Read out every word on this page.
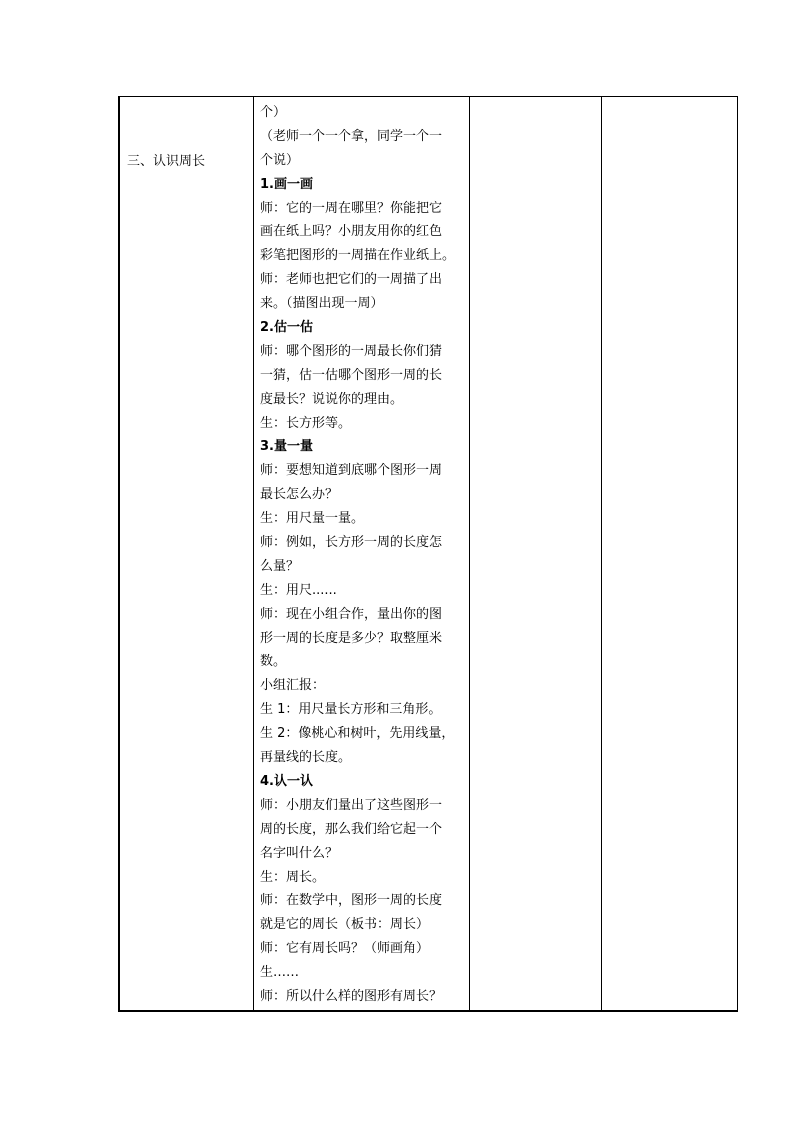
三、认识周长
个）
（老师一个一个拿，同学一个一
个说）
1.画一画
师：它的一周在哪里？你能把它
画在纸上吗？小朋友用你的红色
彩笔把图形的一周描在作业纸上。
师：老师也把它们的一周描了出
来。（描图出现一周）
2.估一估
师：哪个图形的一周最长你们猜
一猜，估一估哪个图形一周的长
度最长？说说你的理由。
生：长方形等。
3.量一量
师：要想知道到底哪个图形一周
最长怎么办？
生：用尺量一量。
师：例如，长方形一周的长度怎
么量？
生：用尺......
师：现在小组合作，量出你的图
形一周的长度是多少？取整厘米
数。
小组汇报：
生 1：用尺量长方形和三角形。
生 2：像桃心和树叶，先用线量，
再量线的长度。
4.认一认
师：小朋友们量出了这些图形一
周的长度，那么我们给它起一个
名字叫什么？
生：周长。
师：在数学中，图形一周的长度
就是它的周长（板书：周长）
师：它有周长吗？（师画角）
生……
师：所以什么样的图形有周长？
